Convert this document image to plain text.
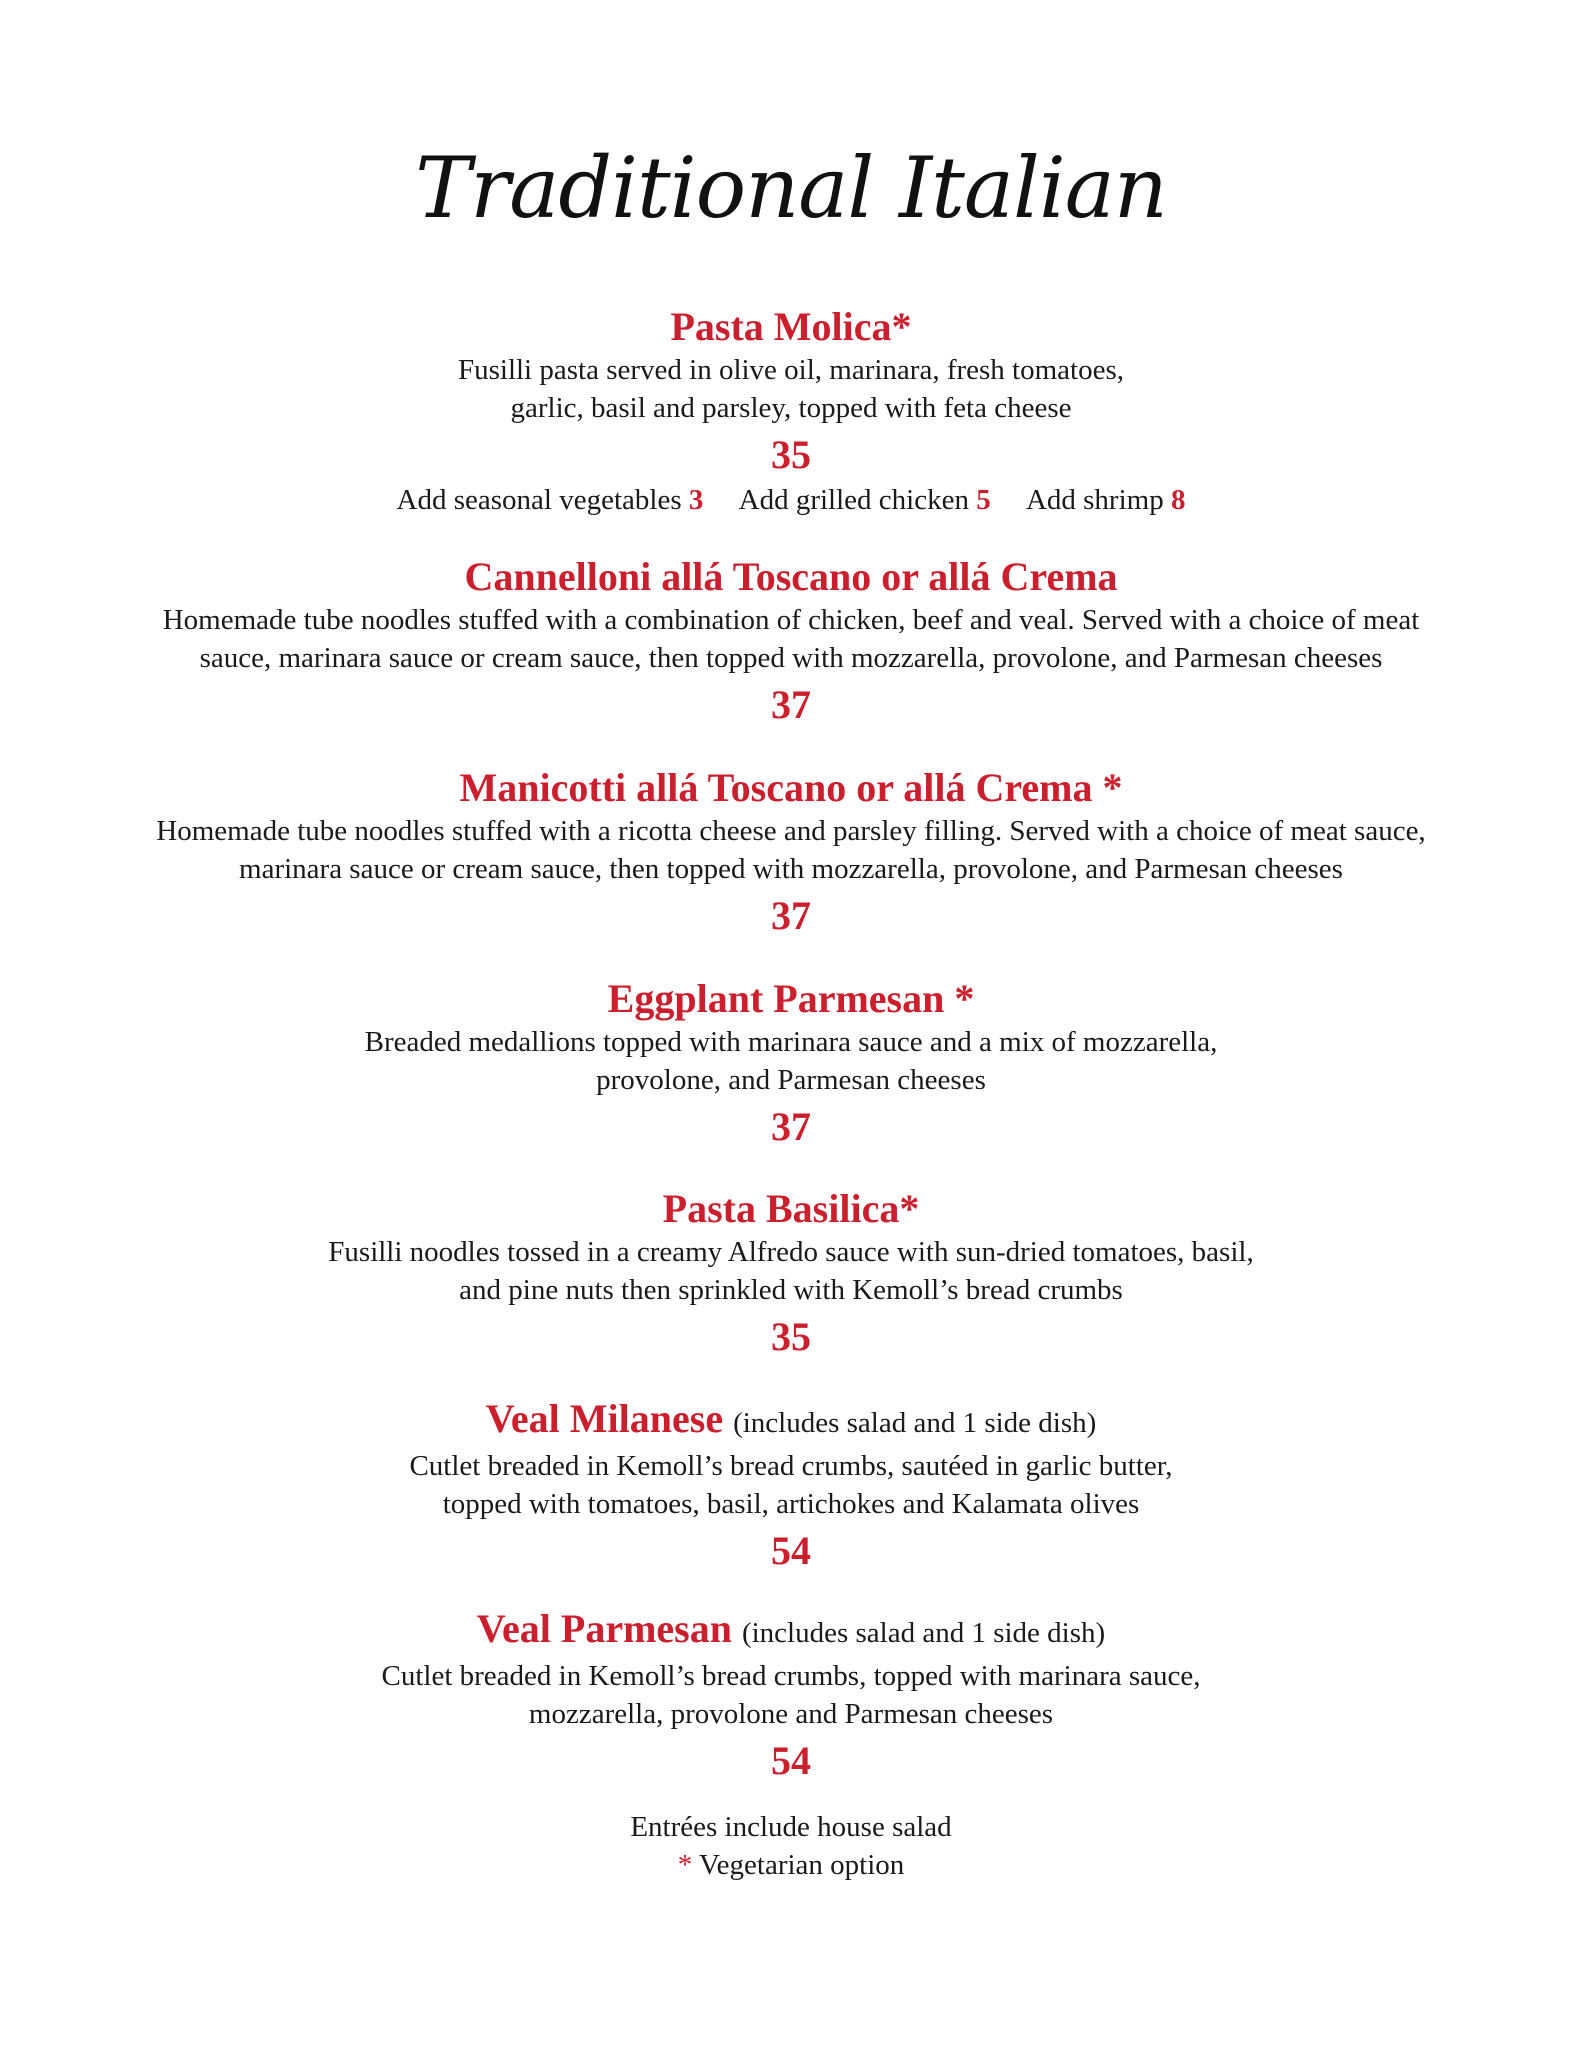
Traditional Italian
Pasta Molica*
Fusilli pasta served in olive oil, marinara, fresh tomatoes,
garlic, basil and parsley, topped with feta cheese
35
Add seasonal vegetables 3 Add grilled chicken 5 Add shrimp 8
Cannelloni allá Toscano or allá Crema
Homemade tube noodles stuffed with a combination of chicken, beef and veal. Served with a choice of meat
sauce, marinara sauce or cream sauce, then topped with mozzarella, provolone, and Parmesan cheeses
37
Manicotti allá Toscano or allá Crema *
Homemade tube noodles stuffed with a ricotta cheese and parsley filling. Served with a choice of meat sauce,
marinara sauce or cream sauce, then topped with mozzarella, provolone, and Parmesan cheeses
37
Eggplant Parmesan *
Breaded medallions topped with marinara sauce and a mix of mozzarella,
provolone, and Parmesan cheeses
37
Pasta Basilica*
Fusilli noodles tossed in a creamy Alfredo sauce with sun-dried tomatoes, basil,
and pine nuts then sprinkled with Kemoll’s bread crumbs
35
Veal Milanese (includes salad and 1 side dish)
Cutlet breaded in Kemoll’s bread crumbs, sautéed in garlic butter,
topped with tomatoes, basil, artichokes and Kalamata olives
54
Veal Parmesan (includes salad and 1 side dish)
Cutlet breaded in Kemoll’s bread crumbs, topped with marinara sauce,
mozzarella, provolone and Parmesan cheeses
54
Entrées include house salad
* Vegetarian option
